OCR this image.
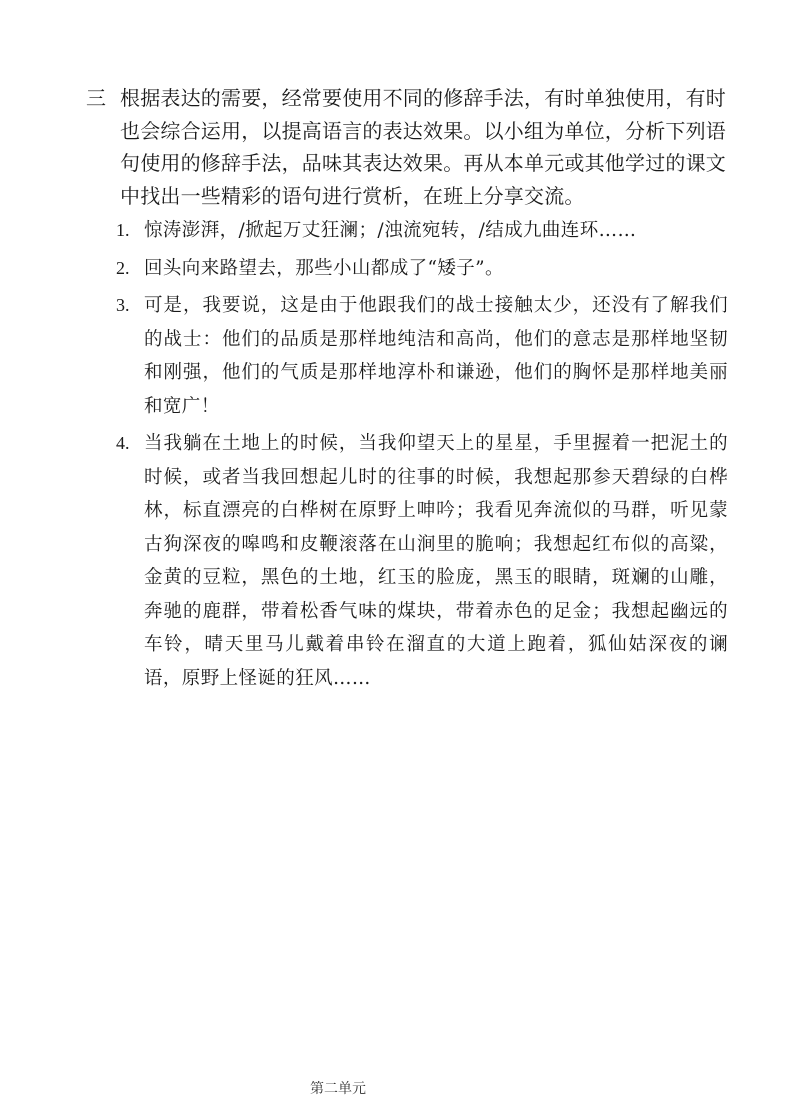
三 根据表达的需要，经常要使用不同的修辞手法，有时单独使用，有时也会综合运用，以提高语言的表达效果。以小组为单位，分析下列语句使用的修辞手法，品味其表达效果。再从本单元或其他学过的课文中找出一些精彩的语句进行赏析，在班上分享交流。
1. 惊涛澎湃，/掀起万丈狂澜；/浊流宛转，/结成九曲连环……
2. 回头向来路望去，那些小山都成了“矮子”。
3. 可是，我要说，这是由于他跟我们的战士接触太少，还没有了解我们的战士：他们的品质是那样地纯洁和高尚，他们的意志是那样地坚韧和刚强，他们的气质是那样地淳朴和谦逊，他们的胸怀是那样地美丽和宽广！
4. 当我躺在土地上的时候，当我仰望天上的星星，手里握着一把泥土的时候，或者当我回想起儿时的往事的时候，我想起那参天碧绿的白桦林，标直漂亮的白桦树在原野上呻吟；我看见奔流似的马群，听见蒙古狗深夜的嗥鸣和皮鞭滚落在山涧里的脆响；我想起红布似的高粱，金黄的豆粒，黑色的土地，红玉的脸庞，黑玉的眼睛，斑斓的山雕，奔驰的鹿群，带着松香气味的煤块，带着赤色的足金；我想起幽远的车铃，晴天里马儿戴着串铃在溜直的大道上跑着，狐仙姑深夜的谰语，原野上怪诞的狂风……
第二单元
